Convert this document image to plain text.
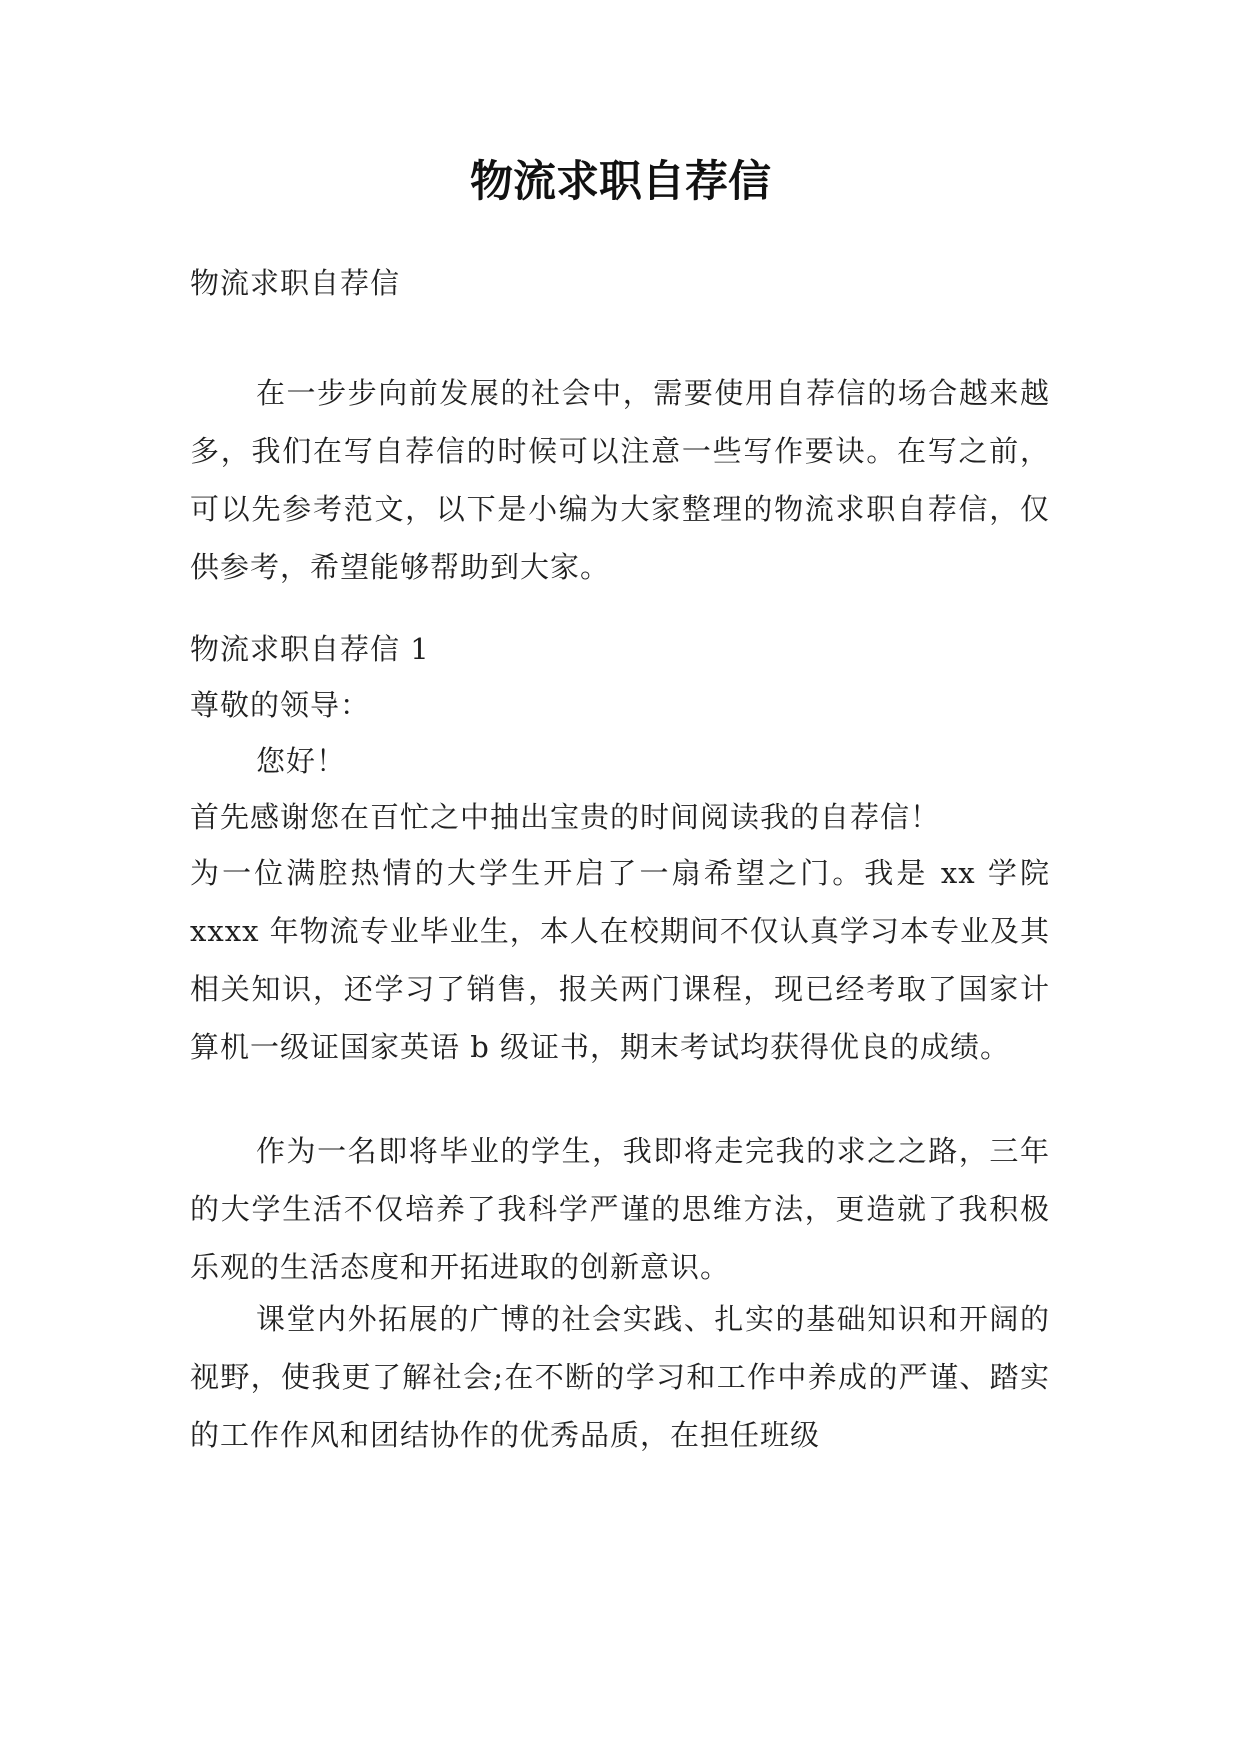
物流求职自荐信

物流求职自荐信

在一步步向前发展的社会中，需要使用自荐信的场合越来越多，我们在写自荐信的时候可以注意一些写作要诀。在写之前，可以先参考范文，以下是小编为大家整理的物流求职自荐信，仅供参考，希望能够帮助到大家。

物流求职自荐信 1

尊敬的领导：

您好！

首先感谢您在百忙之中抽出宝贵的时间阅读我的自荐信！

为一位满腔热情的大学生开启了一扇希望之门。我是 xx 学院 xxxx 年物流专业毕业生，本人在校期间不仅认真学习本专业及其相关知识，还学习了销售，报关两门课程，现已经考取了国家计算机一级证国家英语 b 级证书，期末考试均获得优良的成绩。

作为一名即将毕业的学生，我即将走完我的求之之路，三年的大学生活不仅培养了我科学严谨的思维方法，更造就了我积极乐观的生活态度和开拓进取的创新意识。

课堂内外拓展的广博的社会实践、扎实的基础知识和开阔的视野，使我更了解社会;在不断的学习和工作中养成的严谨、踏实的工作作风和团结协作的优秀品质，在担任班级
